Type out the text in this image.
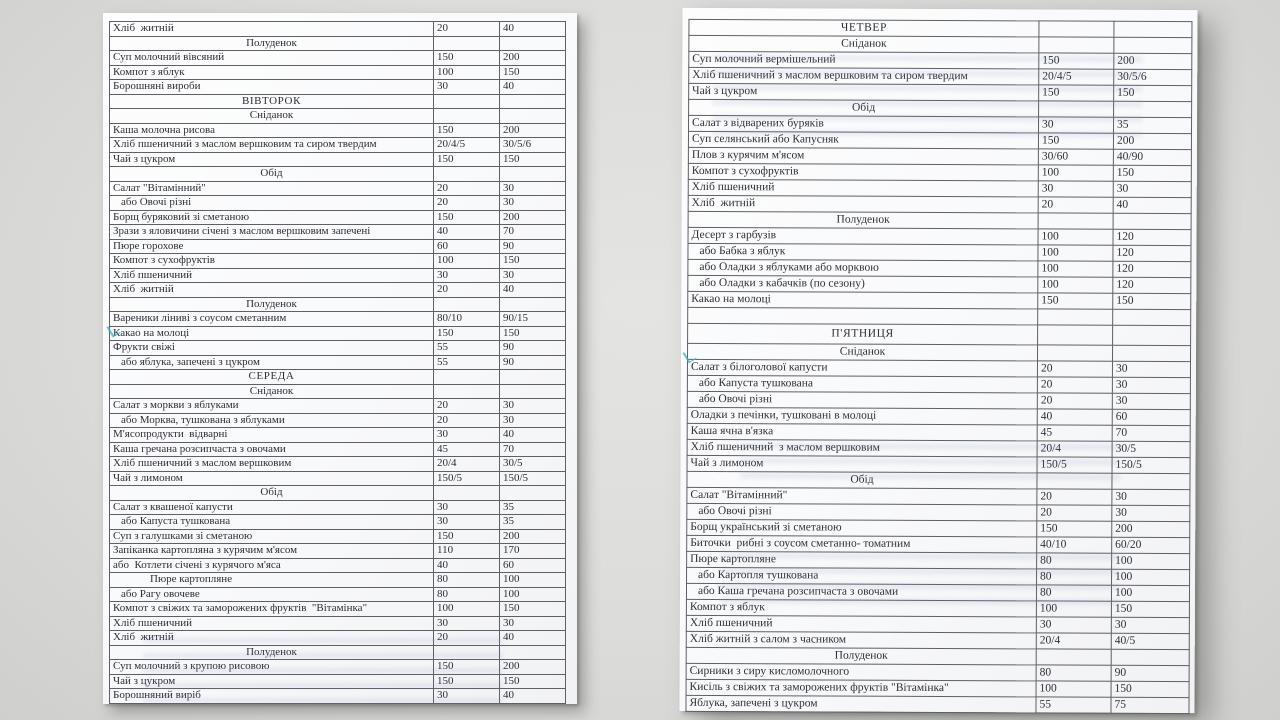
Хліб  житній	20	40
Полуденок		
Суп молочний вівсяний	150	200
Компот з яблук	100	150
Борошняні вироби	30	40
ВІВТОРОК		
Сніданок		
Каша молочна рисова	150	200
Хліб пшеничний з маслом вершковим та сиром твердим	20/4/5	30/5/6
Чай з цукром	150	150
Обід		
Салат "Вітамінний"	20	30
або Овочі різні	20	30
Борщ буряковий зі сметаною	150	200
Зрази з яловичини січені з маслом вершковим запечені	40	70
Пюре горохове	60	90
Компот з сухофруктів	100	150
Хліб пшеничний	30	30
Хліб  житній	20	40
Полуденок		
Вареники ліниві з соусом сметанним	80/10	90/15
Какао на молоці	150	150
Фрукти свіжі	55	90
або яблука, запечені з цукром	55	90
СЕРЕДА		
Сніданок		
Салат з моркви з яблуками	20	30
або Морква, тушкована з яблуками	20	30
М'ясопродукти  відварні	30	40
Каша гречана розсипчаста з овочами	45	70
Хліб пшеничний з маслом вершковим	20/4	30/5
Чай з лимоном	150/5	150/5
Обід		
Салат з квашеної капусти	30	35
або Капуста тушкована	30	35
Суп з галушками зі сметаною	150	200
Запіканка картопляна з курячим м'ясом	110	170
або  Котлети січені з курячого м'яса	40	60
Пюре картопляне	80	100
або Рагу овочеве	80	100
Компот з свіжих та заморожених фруктів  "Вітамінка"	100	150
Хліб пшеничний	30	30
Хліб  житній	20	40
Полуденок		
Суп молочний з крупою рисовою	150	200
Чай з цукром	150	150
Борошняний виріб	30	40
ЧЕТВЕР		
Сніданок		
Суп молочний вермішельний	150	200
Хліб пшеничний з маслом вершковим та сиром твердим	20/4/5	30/5/6
Чай з цукром	150	150
Обід		
Салат з відварених буряків	30	35
Суп селянський або Капусняк	150	200
Плов з курячим м'ясом	30/60	40/90
Компот з сухофруктів	100	150
Хліб пшеничний	30	30
Хліб  житній	20	40
Полуденок		
Десерт з гарбузів	100	120
або Бабка з яблук	100	120
або Оладки з яблуками або морквою	100	120
або Оладки з кабачків (по сезону)	100	120
Какао на молоці	150	150

П'ЯТНИЦЯ		
Сніданок		
Салат з білоголової капусти	20	30
або Капуста тушкована	20	30
або Овочі різні	20	30
Оладки з печінки, тушковані в молоці	40	60
Каша ячна в'язка	45	70
Хліб пшеничний  з маслом вершковим	20/4	30/5
Чай з лимоном	150/5	150/5
Обід		
Салат "Вітамінний"	20	30
або Овочі різні	20	30
Борщ український зі сметаною	150	200
Биточки  рибні з соусом сметанно- томатним	40/10	60/20
Пюре картопляне	80	100
або Картопля тушкована	80	100
або Каша гречана розсипчаста з овочами	80	100
Компот з яблук	100	150
Хліб пшеничний	30	30
Хліб житній з салом з часником	20/4	40/5
Полуденок		
Сирники з сиру кисломолочного	80	90
Кисіль з свіжих та заморожених фруктів "Вітамінка"	100	150
Яблука, запечені з цукром	55	75
